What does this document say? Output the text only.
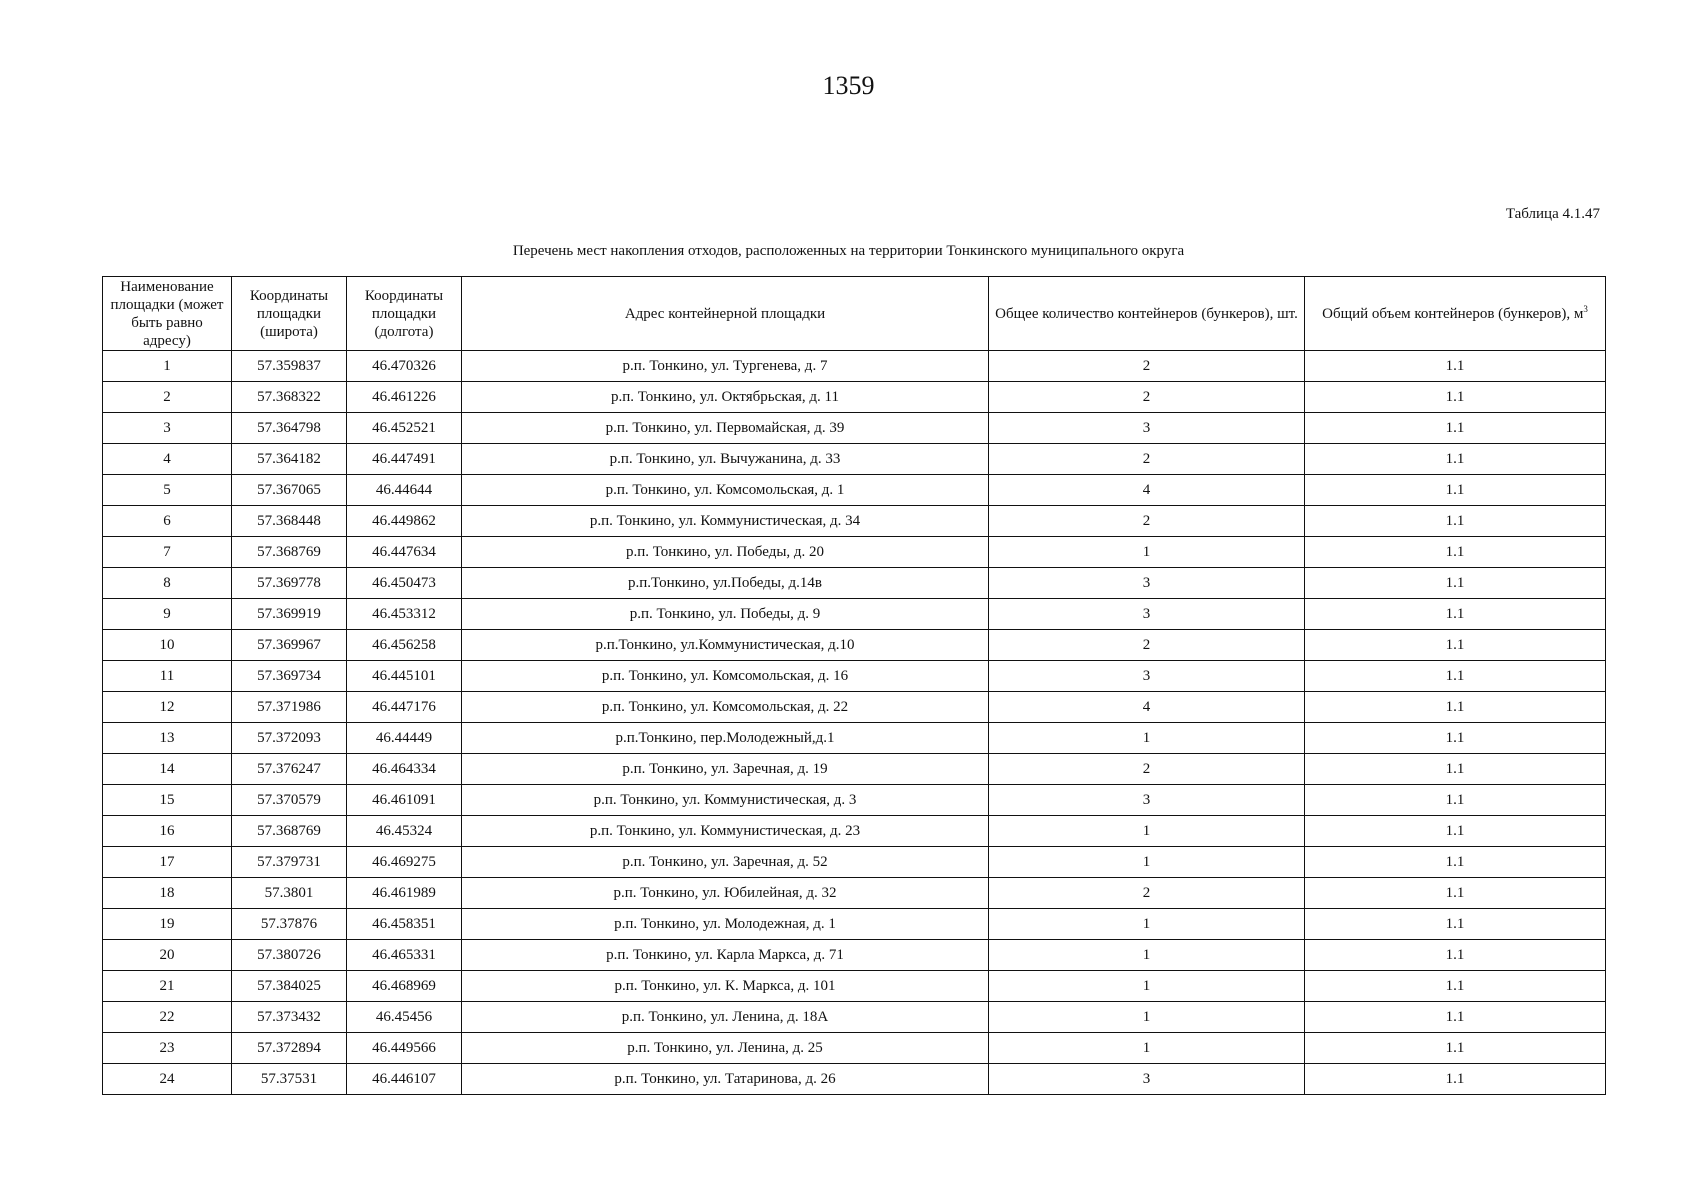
1359
Таблица 4.1.47
Перечень мест накопления отходов, расположенных на территории Тонкинского муниципального округа
Наименование площадки (может быть равно адресу)	Координаты площадки (широта)	Координаты площадки (долгота)	Адрес контейнерной площадки	Общее количество контейнеров (бункеров), шт.	Общий объем контейнеров (бункеров), $м^3$
1	57.359837	46.470326	р.п. Тонкино, ул. Тургенева, д. 7	2	1.1
2	57.368322	46.461226	р.п. Тонкино, ул. Октябрьская, д. 11	2	1.1
3	57.364798	46.452521	р.п. Тонкино, ул. Первомайская, д. 39	3	1.1
4	57.364182	46.447491	р.п. Тонкино, ул. Вычужанина, д. 33	2	1.1
5	57.367065	46.44644	р.п. Тонкино, ул. Комсомольская, д. 1	4	1.1
6	57.368448	46.449862	р.п. Тонкино, ул. Коммунистическая, д. 34	2	1.1
7	57.368769	46.447634	р.п. Тонкино, ул. Победы, д. 20	1	1.1
8	57.369778	46.450473	р.п.Тонкино, ул.Победы, д.14в	3	1.1
9	57.369919	46.453312	р.п. Тонкино, ул. Победы, д. 9	3	1.1
10	57.369967	46.456258	р.п.Тонкино, ул.Коммунистическая, д.10	2	1.1
11	57.369734	46.445101	р.п. Тонкино, ул. Комсомольская, д. 16	3	1.1
12	57.371986	46.447176	р.п. Тонкино, ул. Комсомольская, д. 22	4	1.1
13	57.372093	46.44449	р.п.Тонкино, пер.Молодежный,д.1	1	1.1
14	57.376247	46.464334	р.п. Тонкино, ул. Заречная, д. 19	2	1.1
15	57.370579	46.461091	р.п. Тонкино, ул. Коммунистическая, д. 3	3	1.1
16	57.368769	46.45324	р.п. Тонкино, ул. Коммунистическая, д. 23	1	1.1
17	57.379731	46.469275	р.п. Тонкино, ул. Заречная, д. 52	1	1.1
18	57.3801	46.461989	р.п. Тонкино, ул. Юбилейная, д. 32	2	1.1
19	57.37876	46.458351	р.п. Тонкино, ул. Молодежная, д. 1	1	1.1
20	57.380726	46.465331	р.п. Тонкино, ул. Карла Маркса, д. 71	1	1.1
21	57.384025	46.468969	р.п. Тонкино, ул. К. Маркса, д. 101	1	1.1
22	57.373432	46.45456	р.п. Тонкино, ул. Ленина, д. 18А	1	1.1
23	57.372894	46.449566	р.п. Тонкино, ул. Ленина, д. 25	1	1.1
24	57.37531	46.446107	р.п. Тонкино, ул. Татаринова, д. 26	3	1.1
